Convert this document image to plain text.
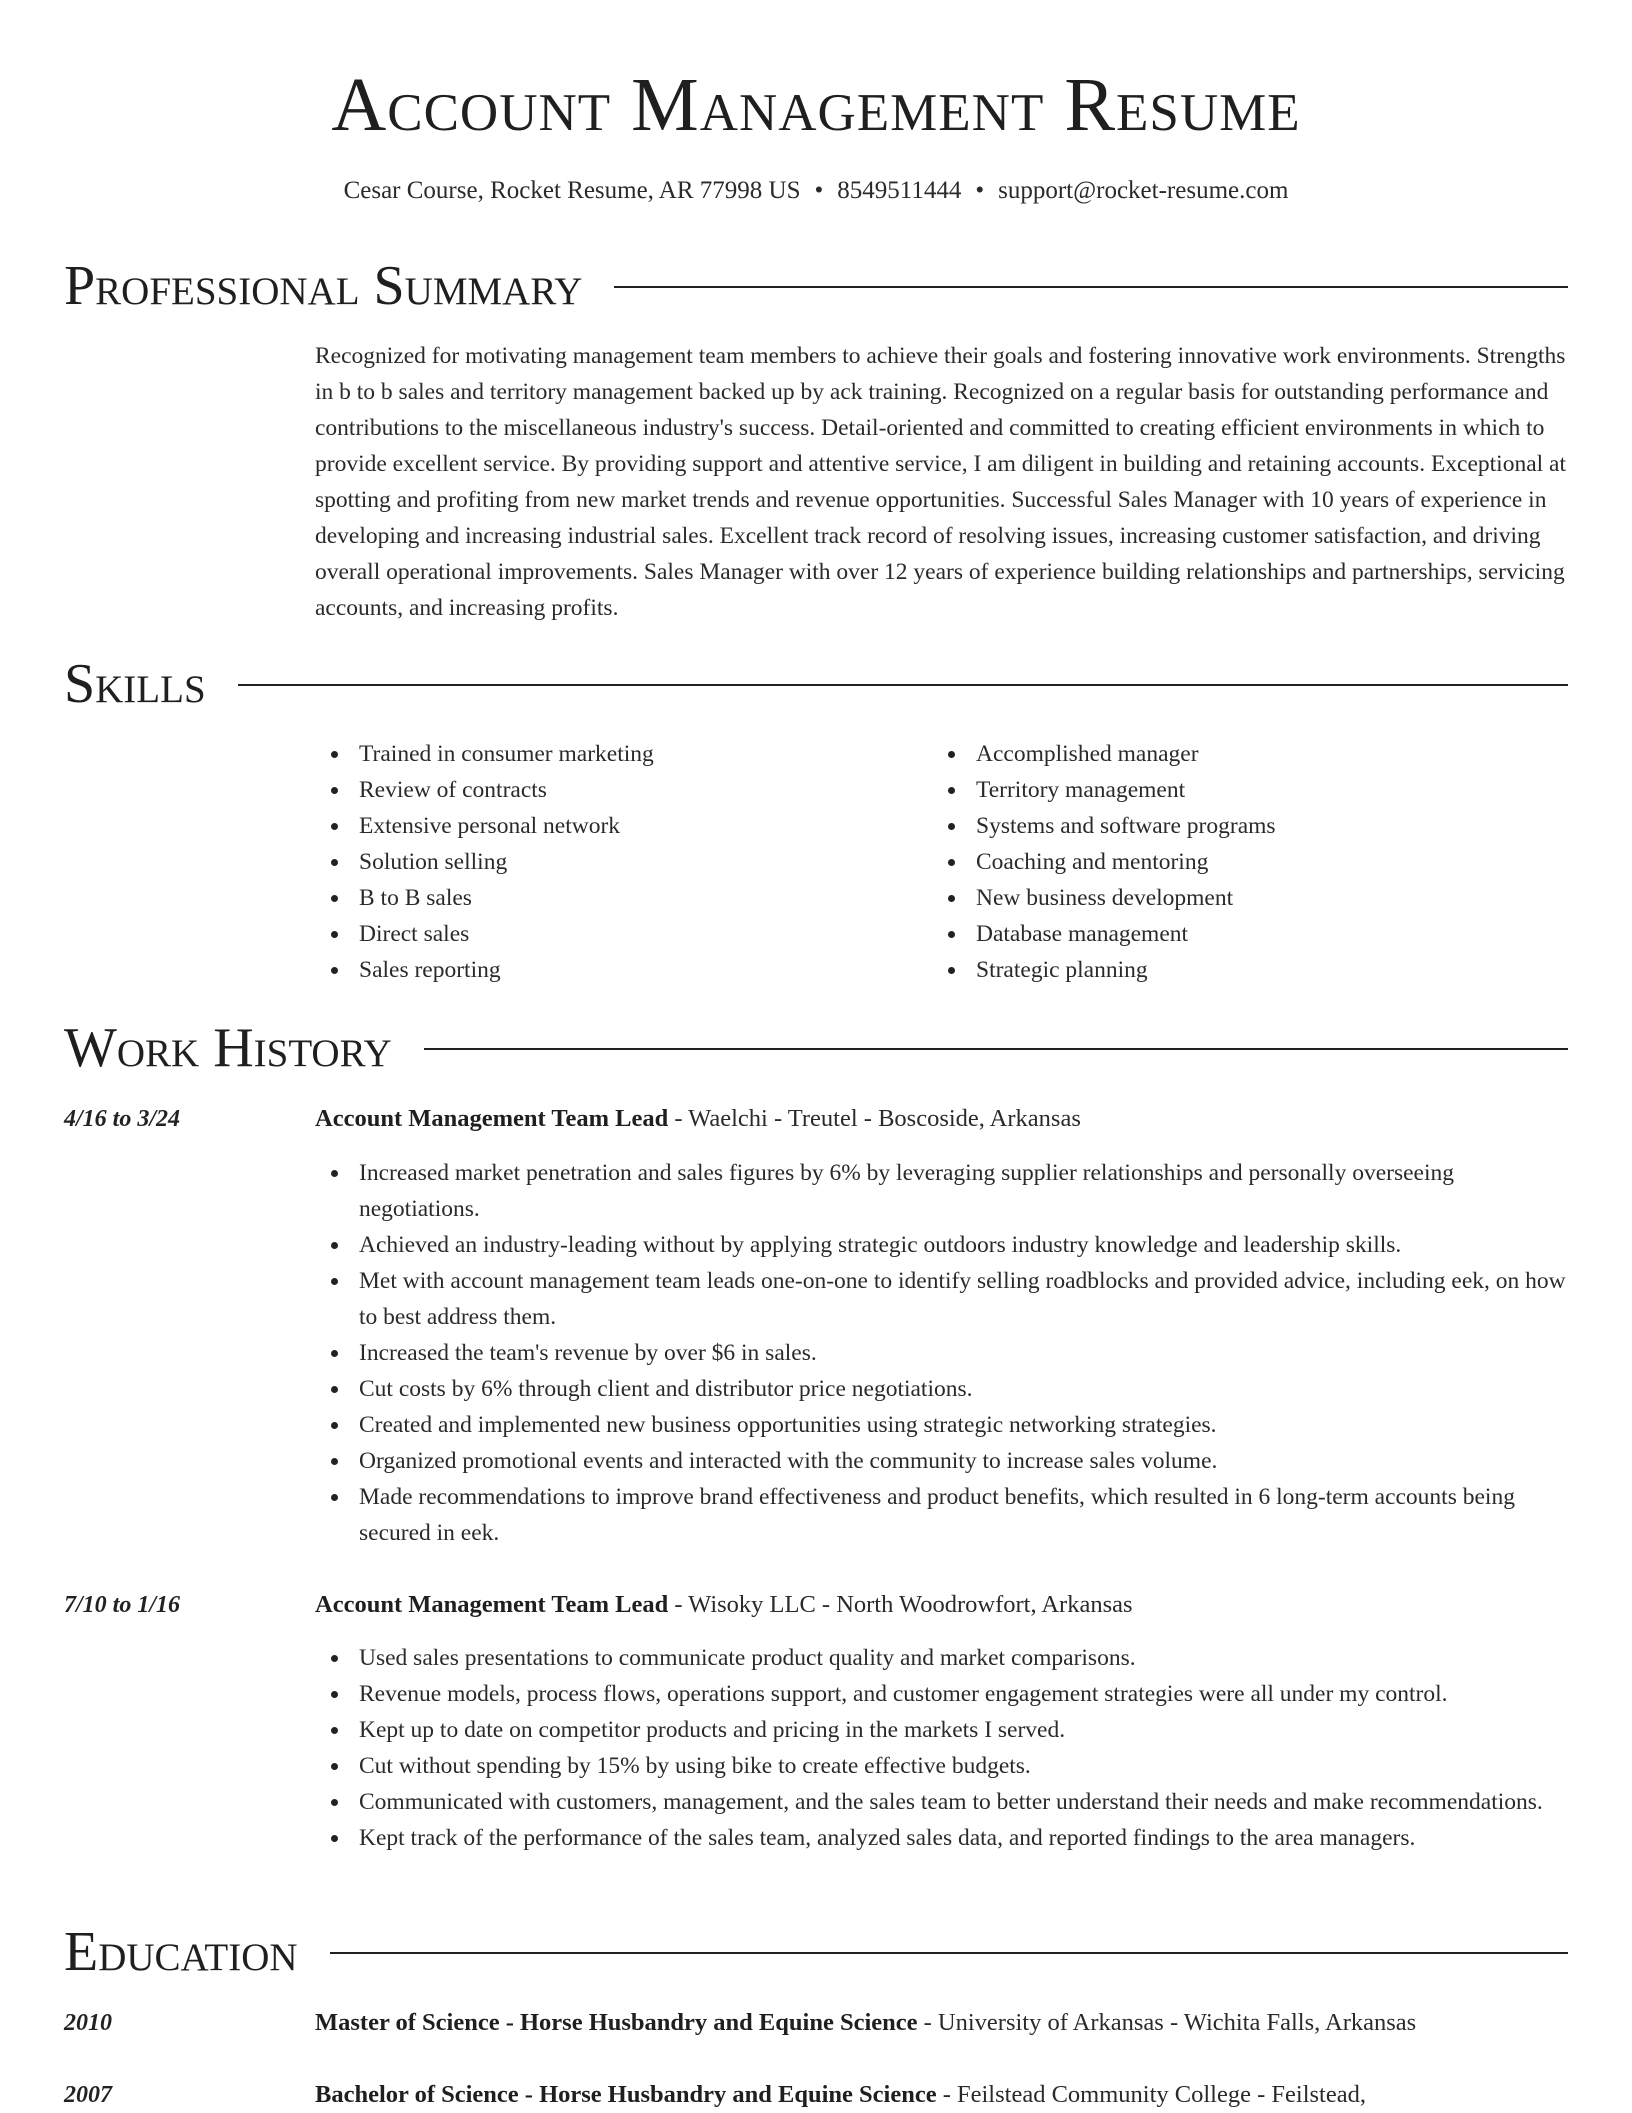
Account Management Resume
Cesar Course, Rocket Resume, AR 77998 US • 8549511444 • support@rocket-resume.com
Professional Summary

Recognized for motivating management team members to achieve their goals and fostering innovative work environments. Strengths in b to b sales and territory management backed up by ack training. Recognized on a regular basis for outstanding performance and contributions to the miscellaneous industry's success. Detail-oriented and committed to creating efficient environments in which to provide excellent service. By providing support and attentive service, I am diligent in building and retaining accounts. Exceptional at spotting and profiting from new market trends and revenue opportunities. Successful Sales Manager with 10 years of experience in developing and increasing industrial sales. Excellent track record of resolving issues, increasing customer satisfaction, and driving overall operational improvements. Sales Manager with over 12 years of experience building relationships and partnerships, servicing accounts, and increasing profits.

Skills
Trained in consumer marketing
Review of contracts
Extensive personal network
Solution selling
B to B sales
Direct sales
Sales reporting
Accomplished manager
Territory management
Systems and software programs
Coaching and mentoring
New business development
Database management
Strategic planning
Work History
4/16 to 3/24	Account Management Team Lead - Waelchi - Treutel - Boscoside, Arkansas
Increased market penetration and sales figures by 6% by leveraging supplier relationships and personally overseeing negotiations.
Achieved an industry-leading without by applying strategic outdoors industry knowledge and leadership skills.
Met with account management team leads one-on-one to identify selling roadblocks and provided advice, including eek, on how to best address them.
Increased the team's revenue by over $6 in sales.
Cut costs by 6% through client and distributor price negotiations.
Created and implemented new business opportunities using strategic networking strategies.
Organized promotional events and interacted with the community to increase sales volume.
Made recommendations to improve brand effectiveness and product benefits, which resulted in 6 long-term accounts being secured in eek.
7/10 to 1/16	Account Management Team Lead - Wisoky LLC - North Woodrowfort, Arkansas
Used sales presentations to communicate product quality and market comparisons.
Revenue models, process flows, operations support, and customer engagement strategies were all under my control.
Kept up to date on competitor products and pricing in the markets I served.
Cut without spending by 15% by using bike to create effective budgets.
Communicated with customers, management, and the sales team to better understand their needs and make recommendations.
Kept track of the performance of the sales team, analyzed sales data, and reported findings to the area managers.
Education
2010	Master of Science - Horse Husbandry and Equine Science - University of Arkansas - Wichita Falls, Arkansas
2007	Bachelor of Science - Horse Husbandry and Equine Science - Feilstead Community College - Feilstead,
